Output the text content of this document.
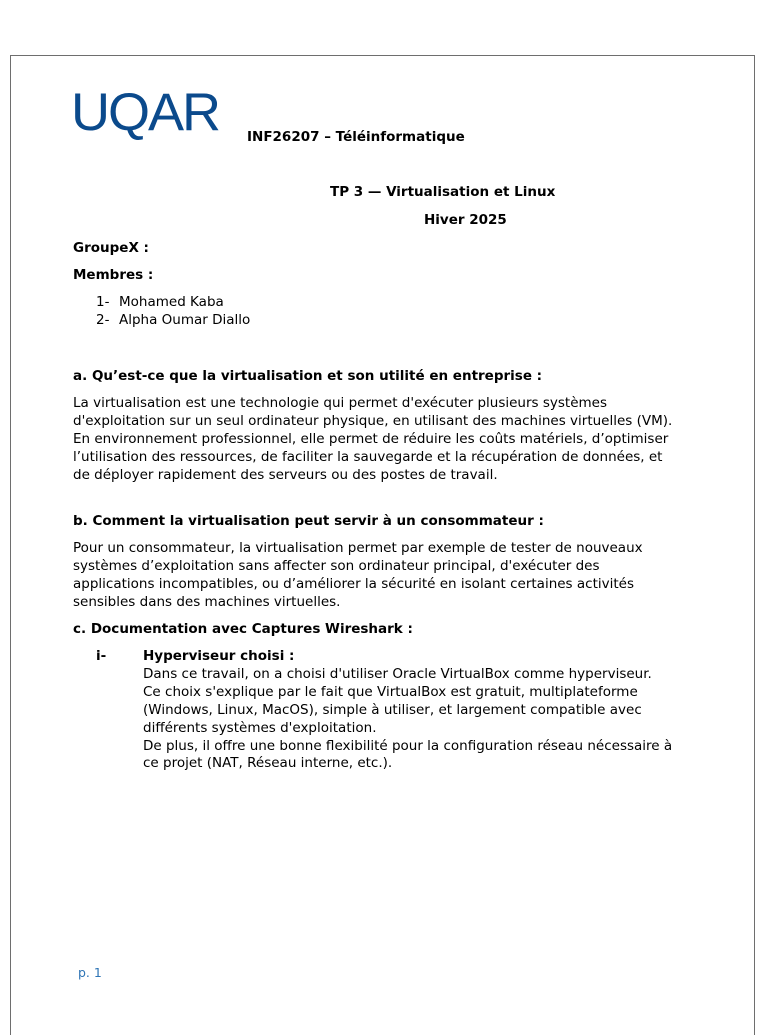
UQAR INF26207 – Téléinformatique
TP 3 — Virtualisation et Linux
Hiver 2025
GroupeX :
Membres :
1- Mohamed Kaba
2- Alpha Oumar Diallo
a. Qu’est-ce que la virtualisation et son utilité en entreprise :

La virtualisation est une technologie qui permet d'exécuter plusieurs systèmes d'exploitation sur un seul ordinateur physique, en utilisant des machines virtuelles (VM).

En environnement professionnel, elle permet de réduire les coûts matériels, d’optimiser l’utilisation des ressources, de faciliter la sauvegarde et la récupération de données, et de déployer rapidement des serveurs ou des postes de travail.

b. Comment la virtualisation peut servir à un consommateur :

Pour un consommateur, la virtualisation permet par exemple de tester de nouveaux systèmes d’exploitation sans affecter son ordinateur principal, d'exécuter des applications incompatibles, ou d’améliorer la sécurité en isolant certaines activités sensibles dans des machines virtuelles.

c. Documentation avec Captures Wireshark :
i-	Hyperviseur choisi :
Dans ce travail, on a choisi d'utiliser Oracle VirtualBox comme hyperviseur.
Ce choix s'explique par le fait que VirtualBox est gratuit, multiplateforme (Windows, Linux, MacOS), simple à utiliser, et largement compatible avec différents systèmes d'exploitation.
De plus, il offre une bonne flexibilité pour la configuration réseau nécessaire à ce projet (NAT, Réseau interne, etc.).
p. 1
